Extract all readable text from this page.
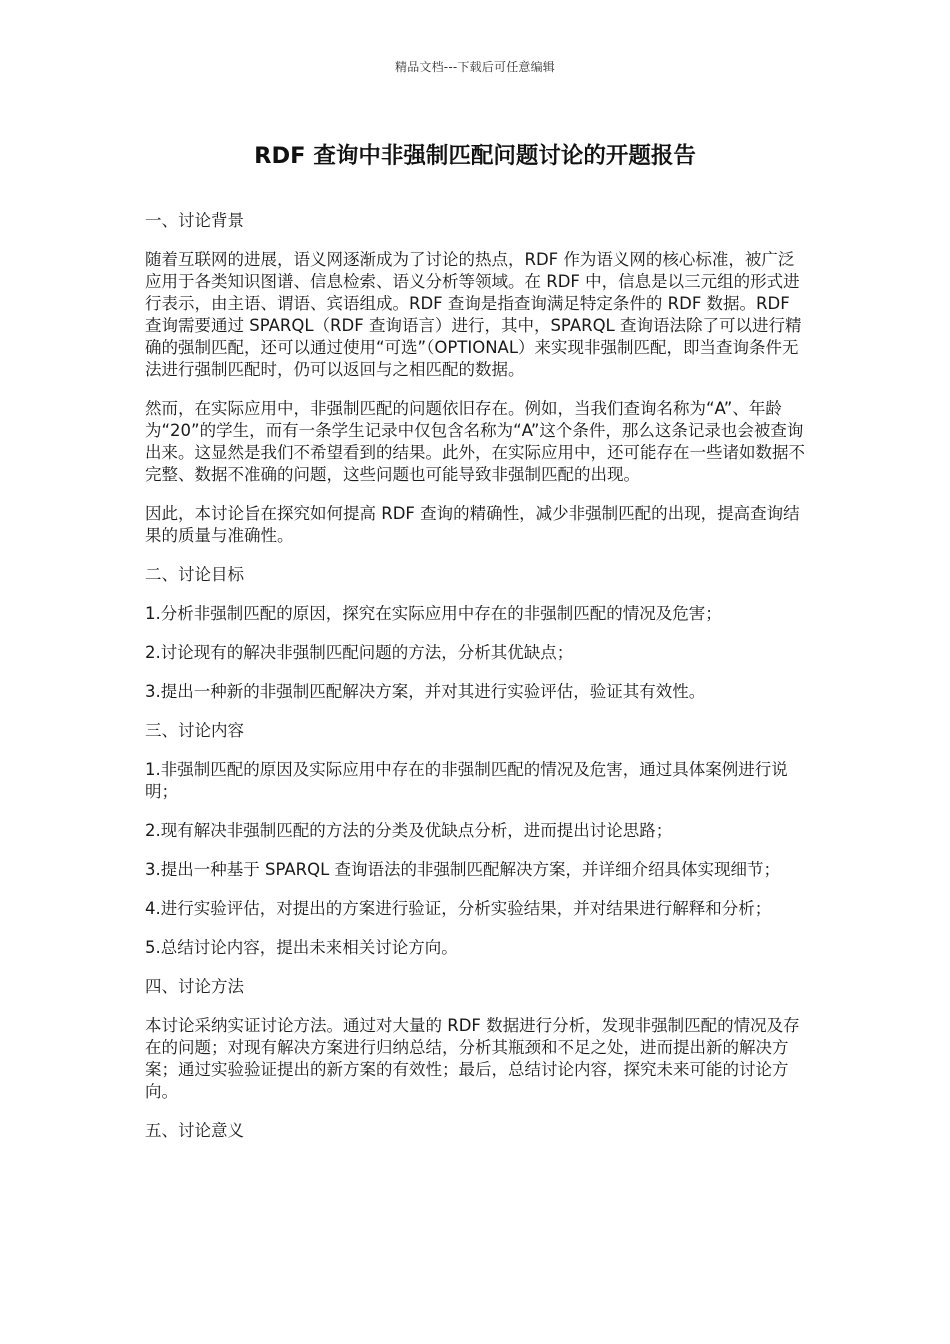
精品文档---下载后可任意编辑
RDF 查询中非强制匹配问题讨论的开题报告

一、讨论背景

随着互联网的进展，语义网逐渐成为了讨论的热点，RDF 作为语义网的核心标准，被广泛应用于各类知识图谱、信息检索、语义分析等领域。在 RDF 中，信息是以三元组的形式进行表示，由主语、谓语、宾语组成。RDF 查询是指查询满足特定条件的 RDF 数据。RDF 查询需要通过 SPARQL（RDF 查询语言）进行，其中，SPARQL 查询语法除了可以进行精确的强制匹配，还可以通过使用“可选”（OPTIONAL）来实现非强制匹配，即当查询条件无法进行强制匹配时，仍可以返回与之相匹配的数据。

然而，在实际应用中，非强制匹配的问题依旧存在。例如，当我们查询名称为“A”、年龄为“20”的学生，而有一条学生记录中仅包含名称为“A”这个条件，那么这条记录也会被查询出来。这显然是我们不希望看到的结果。此外，在实际应用中，还可能存在一些诸如数据不完整、数据不准确的问题，这些问题也可能导致非强制匹配的出现。

因此，本讨论旨在探究如何提高 RDF 查询的精确性，减少非强制匹配的出现，提高查询结果的质量与准确性。

二、讨论目标

1.分析非强制匹配的原因，探究在实际应用中存在的非强制匹配的情况及危害；

2.讨论现有的解决非强制匹配问题的方法，分析其优缺点；

3.提出一种新的非强制匹配解决方案，并对其进行实验评估，验证其有效性。

三、讨论内容

1.非强制匹配的原因及实际应用中存在的非强制匹配的情况及危害，通过具体案例进行说明；

2.现有解决非强制匹配的方法的分类及优缺点分析，进而提出讨论思路；

3.提出一种基于 SPARQL 查询语法的非强制匹配解决方案，并详细介绍具体实现细节；

4.进行实验评估，对提出的方案进行验证，分析实验结果，并对结果进行解释和分析；

5.总结讨论内容，提出未来相关讨论方向。

四、讨论方法

本讨论采纳实证讨论方法。通过对大量的 RDF 数据进行分析，发现非强制匹配的情况及存在的问题；对现有解决方案进行归纳总结，分析其瓶颈和不足之处，进而提出新的解决方案；通过实验验证提出的新方案的有效性；最后，总结讨论内容，探究未来可能的讨论方向。

五、讨论意义
